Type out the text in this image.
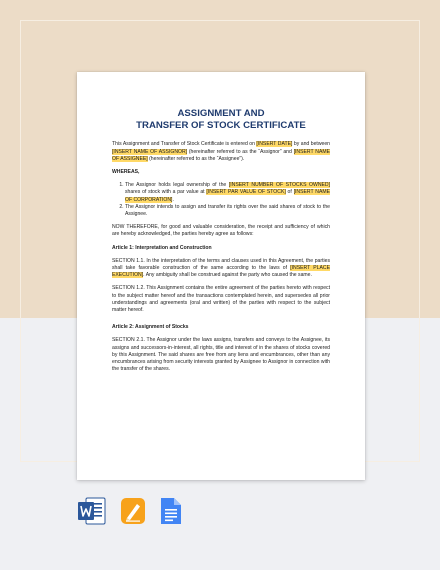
ASSIGNMENT AND
TRANSFER OF STOCK CERTIFICATE

This Assignment and Transfer of Stock Certificate is entered on [INSERT DATE] by and between [INSERT NAME OF ASSIGNOR] (hereinafter referred to as the “Assignor” and [INSERT NAME OF ASSIGNEE] (hereinafter referred to as the “Assignee”).

WHEREAS,

1. The Assignor holds legal ownership of the [INSERT NUMBER OF STOCKS OWNED] shares of stock with a par value at [INSERT PAR VALUE OF STOCK] of [INSERT NAME OF CORPORATION].
2. The Assignor intends to assign and transfer its rights over the said shares of stock to the Assignee.

NOW THEREFORE, for good and valuable consideration, the receipt and sufficiency of which are hereby acknowledged, the parties hereby agree as follows:

Article 1: Interpretation and Construction

SECTION 1.1. In the interpretation of the terms and clauses used in this Agreement, the parties shall take favorable construction of the same according to the laws of [INSERT PLACE EXECUTION]. Any ambiguity shall be construed against the party who caused the same.

SECTION 1.2. This Assignment contains the entire agreement of the parties hereto with respect to the subject matter hereof and the transactions contemplated herein, and supersedes all prior understandings and agreements (oral and written) of the parties with respect to the subject matter hereof.

Article 2: Assignment of Stocks

SECTION 2.1. The Assignor under the laws assigns, transfers and conveys to the Assignee, its assigns and successors-in-interest, all rights, title and interest of in the shares of stocks covered by this Assignment. The said shares are free from any liens and encumbrances, other than any encumbrances arising from security interests granted by Assignee to Assignor in connection with the transfer of the shares.
